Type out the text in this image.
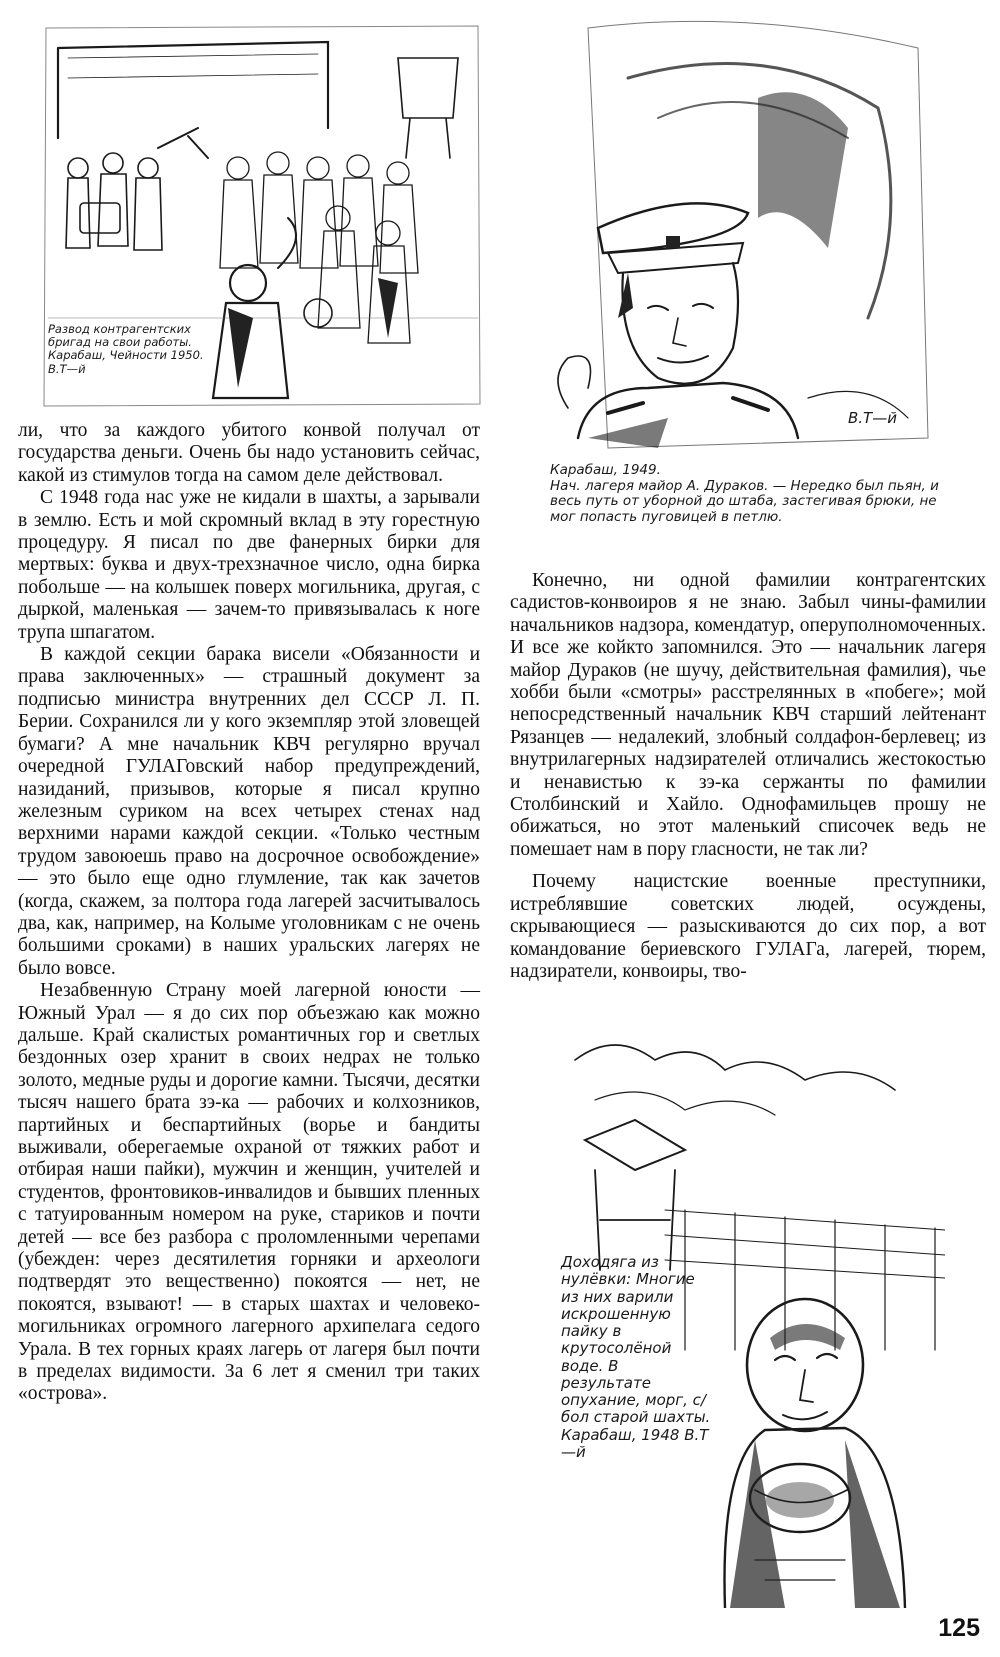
Развод контрагентских бригад на свои работы. Карабаш, Чейности 1950. В.Т—й
В.Т—й
Карабаш, 1949.
Нач. лагеря майор А. Дураков. — Нередко был пьян, и весь путь от уборной до штаба, застегивая брюки, не мог попасть пуговицей в петлю.
Доходяга из нулёвки: Многие из них варили искрошенную пайку в крутосолёной воде. В результате опухание, морг, с/бол старой шахты. Карабаш, 1948 В.Т—й

ли, что за каждого убитого конвой получал от государства деньги. Очень бы надо установить сейчас, какой из стимулов тогда на самом деле действовал.

С 1948 года нас уже не кидали в шахты, а зарывали в землю. Есть и мой скромный вклад в эту горестную процедуру. Я писал по две фанерных бирки для мертвых: буква и двух-трехзначное число, одна бирка побольше — на колышек поверх могильника, другая, с дыркой, маленькая — зачем-то привязывалась к ноге трупа шпагатом.

В каждой секции барака висели «Обязанности и права заключенных» — страшный документ за подписью министра внутренних дел СССР Л. П. Берии. Сохранился ли у кого экземпляр этой зловещей бумаги? А мне начальник КВЧ регулярно вручал очередной ГУЛАГовский набор предупреждений, назиданий, призывов, которые я писал крупно железным суриком на всех четырех стенах над верхними нарами каждой секции. «Только честным трудом завоюешь право на досрочное освобождение» — это было еще одно глумление, так как зачетов (когда, скажем, за полтора года лагерей засчитывалось два, как, например, на Колыме уголовникам с не очень большими сроками) в наших уральских лагерях не было вовсе.

Незабвенную Страну моей лагерной юности — Южный Урал — я до сих пор объезжаю как можно дальше. Край скалистых романтичных гор и светлых бездонных озер хранит в своих недрах не только золото, медные руды и дорогие камни. Тысячи, десятки тысяч нашего брата зэ-ка — рабочих и колхозников, партийных и беспартийных (ворье и бандиты выживали, оберегаемые охраной от тяжких работ и отбирая наши пайки), мужчин и женщин, учителей и студентов, фронтовиков-инвалидов и бывших пленных с татуированным номером на руке, стариков и почти детей — все без разбора с проломленными черепами (убежден: через десятилетия горняки и археологи подтвердят это вещественно) покоятся — нет, не покоятся, взывают! — в старых шахтах и человеко-могильниках огромного лагерного архипелага седого Урала. В тех горных краях лагерь от лагеря был почти в пределах видимости. За 6 лет я сменил три таких «острова».

Конечно, ни одной фамилии контрагентских садистов-конвоиров я не знаю. Забыл чины-фамилии начальников надзора, комендатур, оперуполномоченных. И все же койкто запомнился. Это — начальник лагеря майор Дураков (не шучу, действительная фамилия), чье хобби были «смотры» расстрелянных в «побеге»; мой непосредственный начальник КВЧ старший лейтенант Рязанцев — недалекий, злобный солдафон-берлевец; из внутрилагерных надзирателей отличались жестокостью и ненавистью к зэ-ка сержанты по фамилии Столбинский и Хайло. Однофамильцев прошу не обижаться, но этот маленький списочек ведь не помешает нам в пору гласности, не так ли?

Почему нацистские военные преступники, истреблявшие советских людей, осуждены, скрывающиеся — разыскиваются до сих пор, а вот командование бериевского ГУЛАГа, лагерей, тюрем, надзиратели, конвоиры, тво-

125
